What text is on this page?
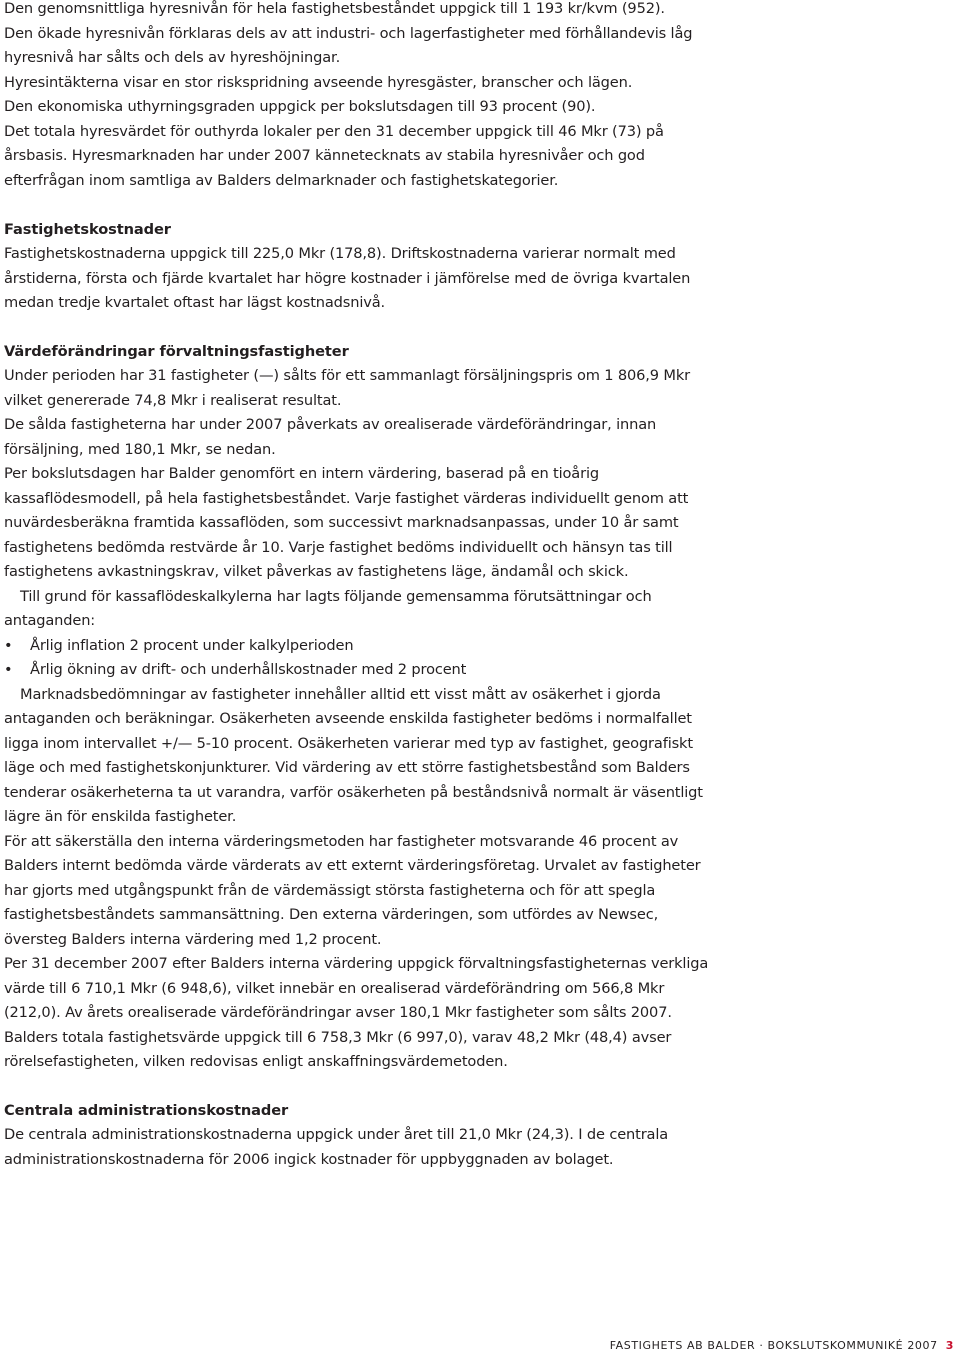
Den genomsnittliga hyresnivån för hela fastighetsbeståndet uppgick till 1 193 kr/kvm (952).

Den ökade hyresnivån förklaras dels av att industri- och lagerfastigheter med förhållandevis låg hyresnivå har sålts och dels av hyreshöjningar.

Hyresintäkterna visar en stor riskspridning avseende hyresgäster, branscher och lägen.

Den ekonomiska uthyrningsgraden uppgick per bokslutsdagen till 93 procent (90).

Det totala hyresvärdet för outhyrda lokaler per den 31 december uppgick till 46 Mkr (73) på årsbasis. Hyresmarknaden har under 2007 kännetecknats av stabila hyresnivåer och god efterfrågan inom samtliga av Balders delmarknader och fastighetskategorier.

Fastighetskostnader

Fastighetskostnaderna uppgick till 225,0 Mkr (178,8). Driftskostnaderna varierar normalt med årstiderna, första och fjärde kvartalet har högre kostnader i jämförelse med de övriga kvartalen medan tredje kvartalet oftast har lägst kostnadsnivå.

Värdeförändringar förvaltningsfastigheter

Under perioden har 31 fastigheter (—) sålts för ett sammanlagt försäljningspris om 1 806,9 Mkr vilket genererade 74,8 Mkr i realiserat resultat.

De sålda fastigheterna har under 2007 påverkats av orealiserade värdeförändringar, innan försäljning, med 180,1 Mkr, se nedan.

Per bokslutsdagen har Balder genomfört en intern värdering, baserad på en tioårig kassaflödesmodell, på hela fastighetsbeståndet. Varje fastighet värderas individuellt genom att nuvärdesberäkna framtida kassaflöden, som successivt marknadsanpassas, under 10 år samt fastighetens bedömda restvärde år 10. Varje fastighet bedöms individuellt och hänsyn tas till fastighetens avkastningskrav, vilket påverkas av fastighetens läge, ändamål och skick.

Till grund för kassaflödeskalkylerna har lagts följande gemensamma förutsättningar och antaganden:

• Årlig inflation 2 procent under kalkylperioden
• Årlig ökning av drift- och underhållskostnader med 2 procent

Marknadsbedömningar av fastigheter innehåller alltid ett visst mått av osäkerhet i gjorda antaganden och beräkningar. Osäkerheten avseende enskilda fastigheter bedöms i normalfallet ligga inom intervallet +/— 5-10 procent. Osäkerheten varierar med typ av fastighet, geografiskt läge och med fastighetskonjunkturer. Vid värdering av ett större fastighetsbestånd som Balders tenderar osäkerheterna ta ut varandra, varför osäkerheten på beståndsnivå normalt är väsentligt lägre än för enskilda fastigheter.

För att säkerställa den interna värderingsmetoden har fastigheter motsvarande 46 procent av Balders internt bedömda värde värderats av ett externt värderingsföretag. Urvalet av fastigheter har gjorts med utgångspunkt från de värdemässigt största fastigheterna och för att spegla fastighetsbeståndets sammansättning. Den externa värderingen, som utfördes av Newsec, översteg Balders interna värdering med 1,2 procent.

Per 31 december 2007 efter Balders interna värdering uppgick förvaltningsfastigheternas verkliga värde till 6 710,1 Mkr (6 948,6), vilket innebär en orealiserad värdeförändring om 566,8 Mkr (212,0). Av årets orealiserade värdeförändringar avser 180,1 Mkr fastigheter som sålts 2007. Balders totala fastighetsvärde uppgick till 6 758,3 Mkr (6 997,0), varav 48,2 Mkr (48,4) avser rörelsefastigheten, vilken redovisas enligt anskaffningsvärdemetoden.

Centrala administrationskostnader

De centrala administrationskostnaderna uppgick under året till 21,0 Mkr (24,3). I de centrala administrationskostnaderna för 2006 ingick kostnader för uppbyggnaden av bolaget.

FASTIGHETS AB BALDER · BOKSLUTSKOMMUNIKÉ 2007 3
